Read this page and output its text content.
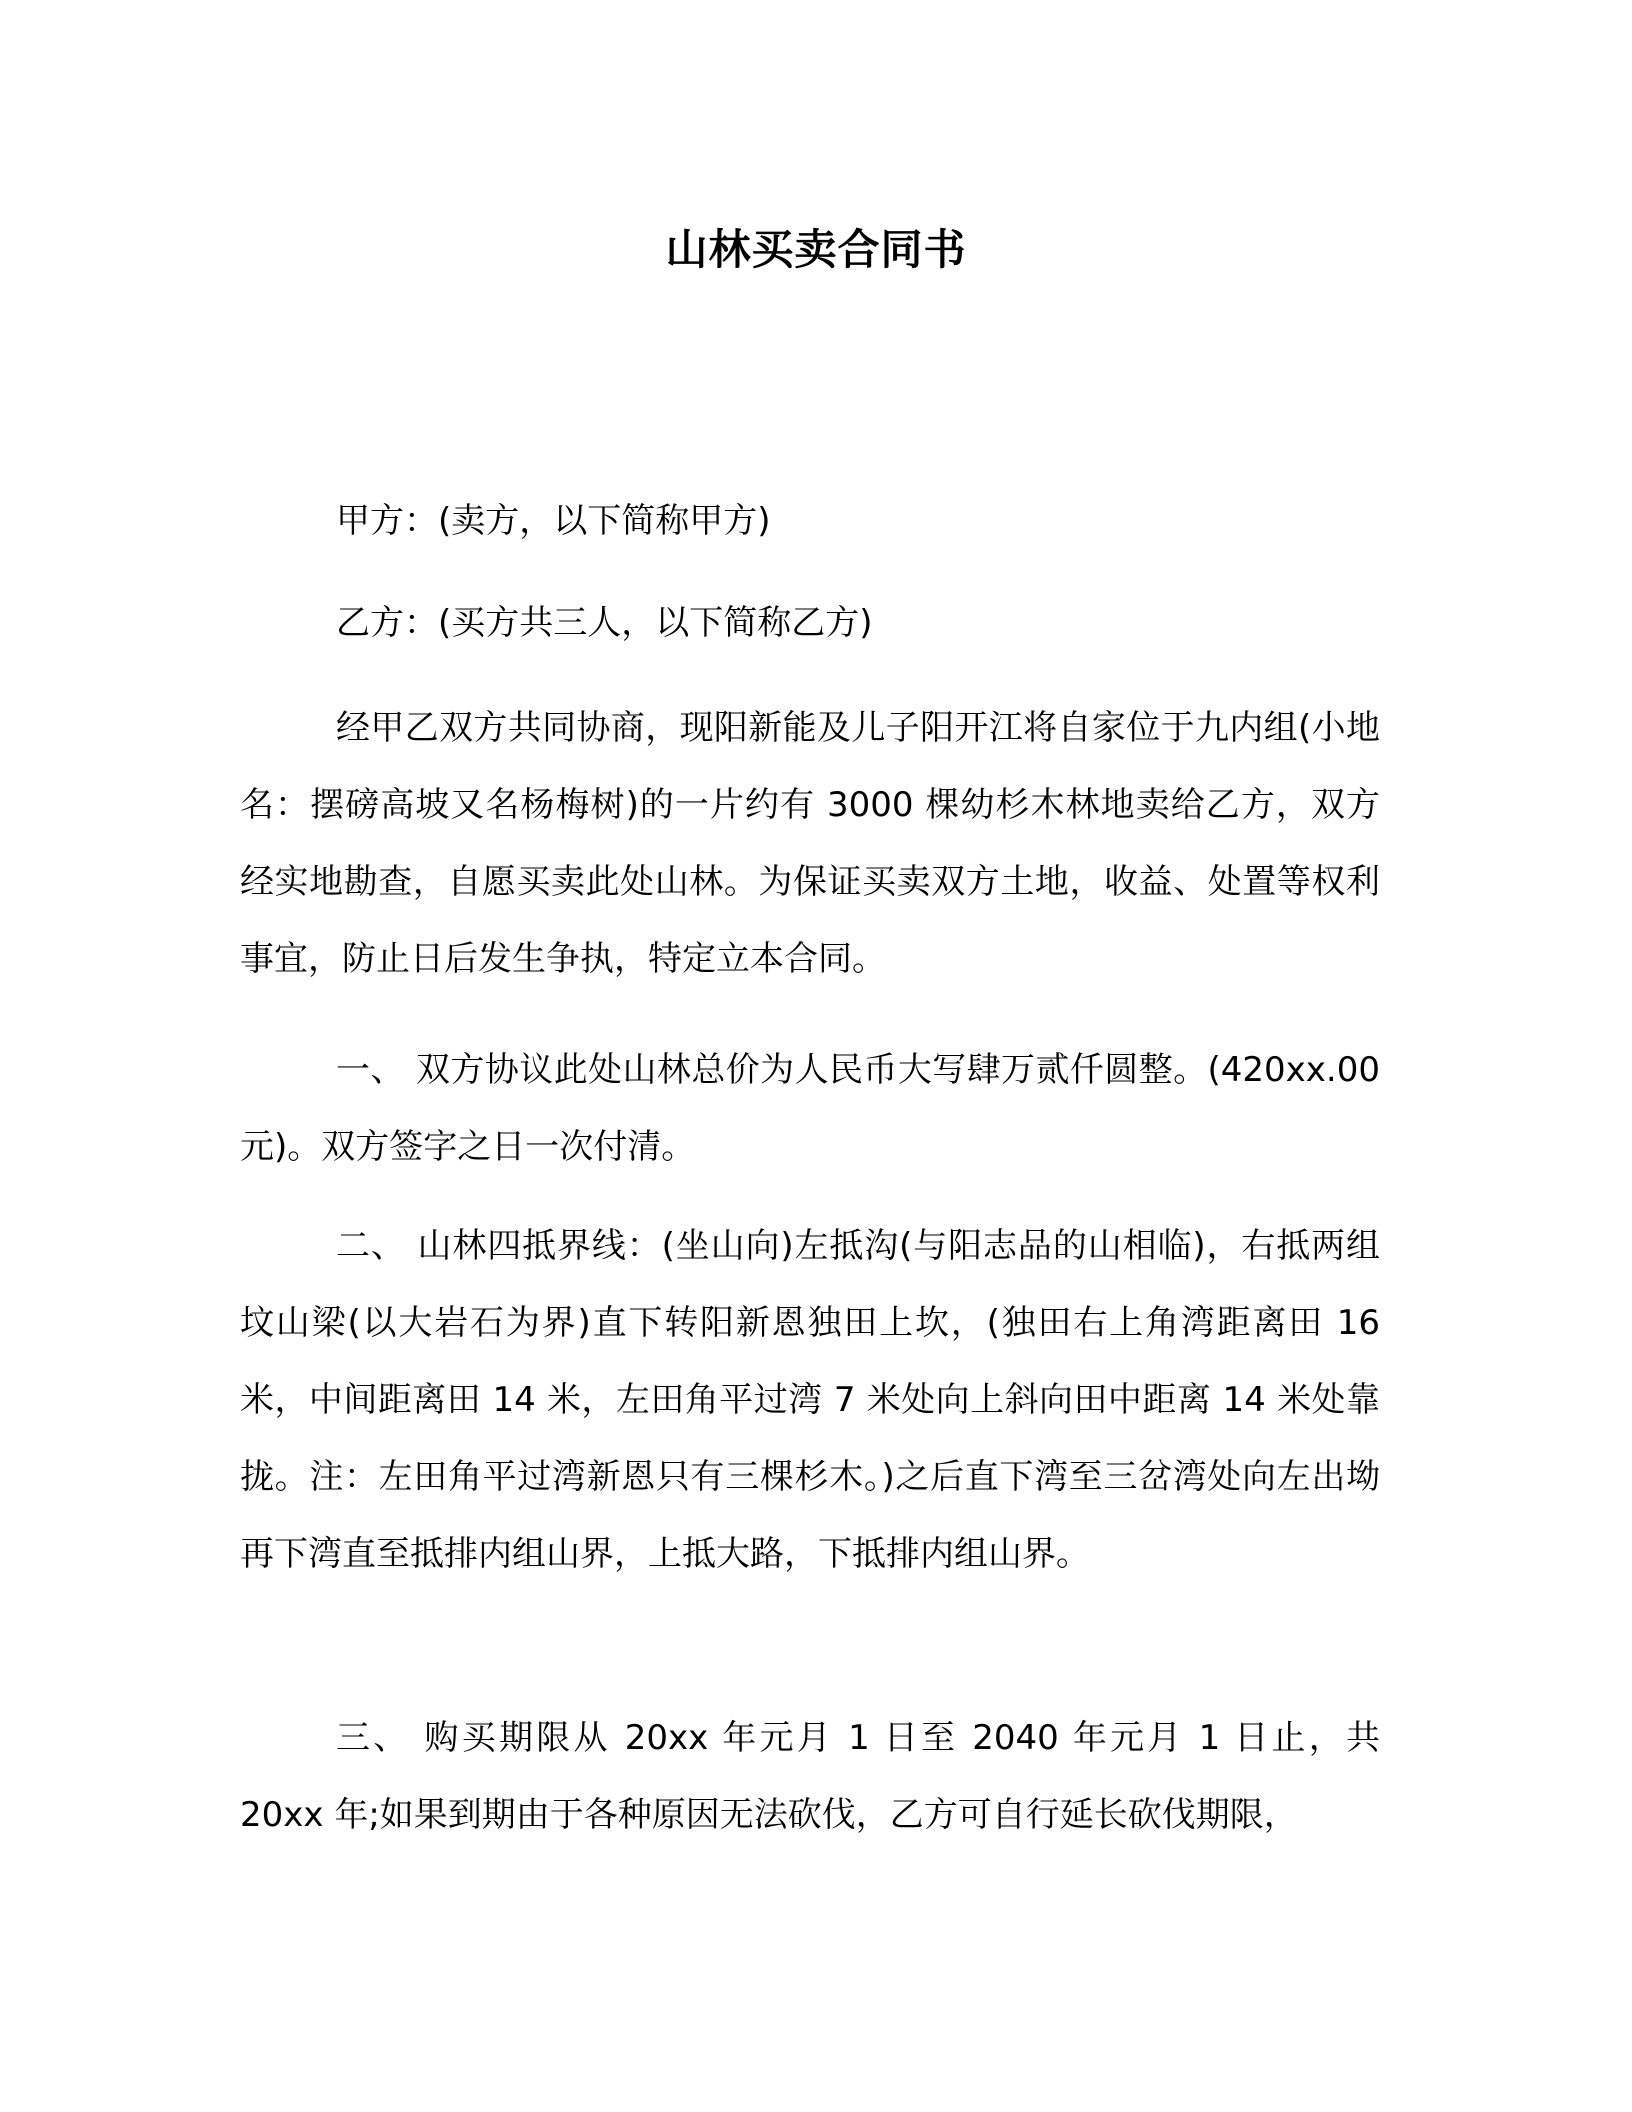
山林买卖合同书

甲方：(卖方，以下简称甲方)

乙方：(买方共三人，以下简称乙方)

经甲乙双方共同协商，现阳新能及儿子阳开江将自家位于九内组(小地名：摆磅高坡又名杨梅树)的一片约有 3000 棵幼杉木林地卖给乙方，双方经实地勘查，自愿买卖此处山林。为保证买卖双方土地，收益、处置等权利事宜，防止日后发生争执，特定立本合同。

一、 双方协议此处山林总价为人民币大写肆万贰仟圆整。(420xx.00 元)。双方签字之日一次付清。

二、 山林四抵界线：(坐山向)左抵沟(与阳志品的山相临)，右抵两组坟山梁(以大岩石为界)直下转阳新恩独田上坎，(独田右上角湾距离田 16 米，中间距离田 14 米，左田角平过湾 7 米处向上斜向田中距离 14 米处靠拢。注：左田角平过湾新恩只有三棵杉木。)之后直下湾至三岔湾处向左出坳再下湾直至抵排内组山界，上抵大路，下抵排内组山界。

三、 购买期限从 20xx 年元月 1 日至 2040 年元月 1 日止，共 20xx 年;如果到期由于各种原因无法砍伐，乙方可自行延长砍伐期限，
